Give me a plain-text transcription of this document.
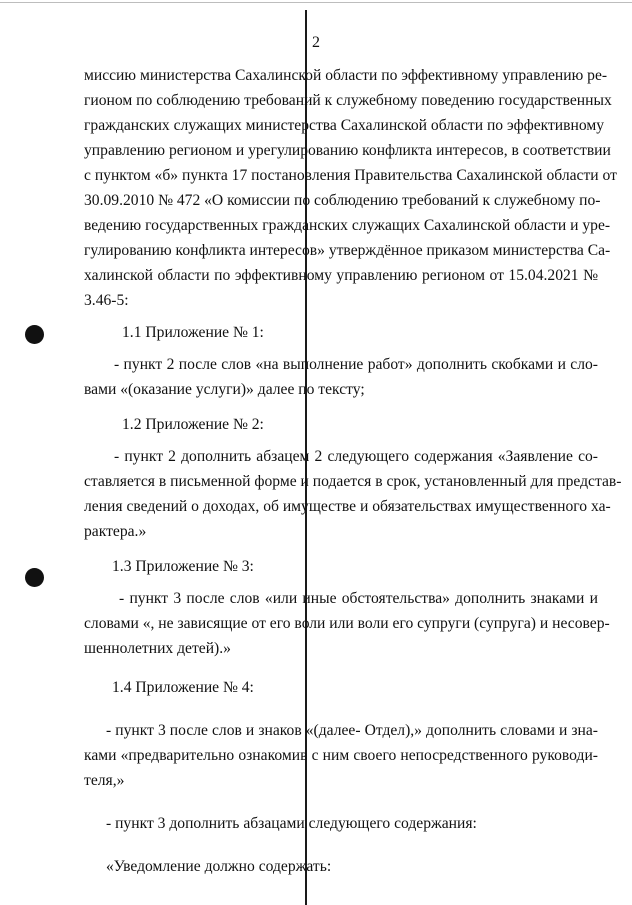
2
миссию министерства Сахалинской области по эффективному управлению ре-
гионом по соблюдению требований к служебному поведению государственных
гражданских служащих министерства Сахалинской области по эффективному
управлению регионом и урегулированию конфликта интересов, в соответствии
с пунктом «б» пункта 17 постановления Правительства Сахалинской области от
30.09.2010 № 472 «О комиссии по соблюдению требований к служебному по-
ведению государственных гражданских служащих Сахалинской области и уре-
гулированию конфликта интересов» утверждённое приказом министерства Са-
халинской области по эффективному управлению регионом от 15.04.2021 №
3.46-5:
1.1 Приложение № 1:
- пункт 2 после слов «на выполнение работ» дополнить скобками и сло-
вами «(оказание услуги)» далее по тексту;
1.2 Приложение № 2:
- пункт 2 дополнить абзацем 2 следующего содержания «Заявление со-
ставляется в письменной форме и подается в срок, установленный для представ-
ления сведений о доходах, об имуществе и обязательствах имущественного ха-
рактера.»
1.3 Приложение № 3:
- пункт 3 после слов «или иные обстоятельства» дополнить знаками и
словами «, не зависящие от его воли или воли его супруги (супруга) и несовер-
шеннолетних детей).»
1.4 Приложение № 4:
- пункт 3 после слов и знаков «(далее- Отдел),» дополнить словами и зна-
ками «предварительно ознакомив с ним своего непосредственного руководи-
теля,»
- пункт 3 дополнить абзацами следующего содержания:
«Уведомление должно содержать:
